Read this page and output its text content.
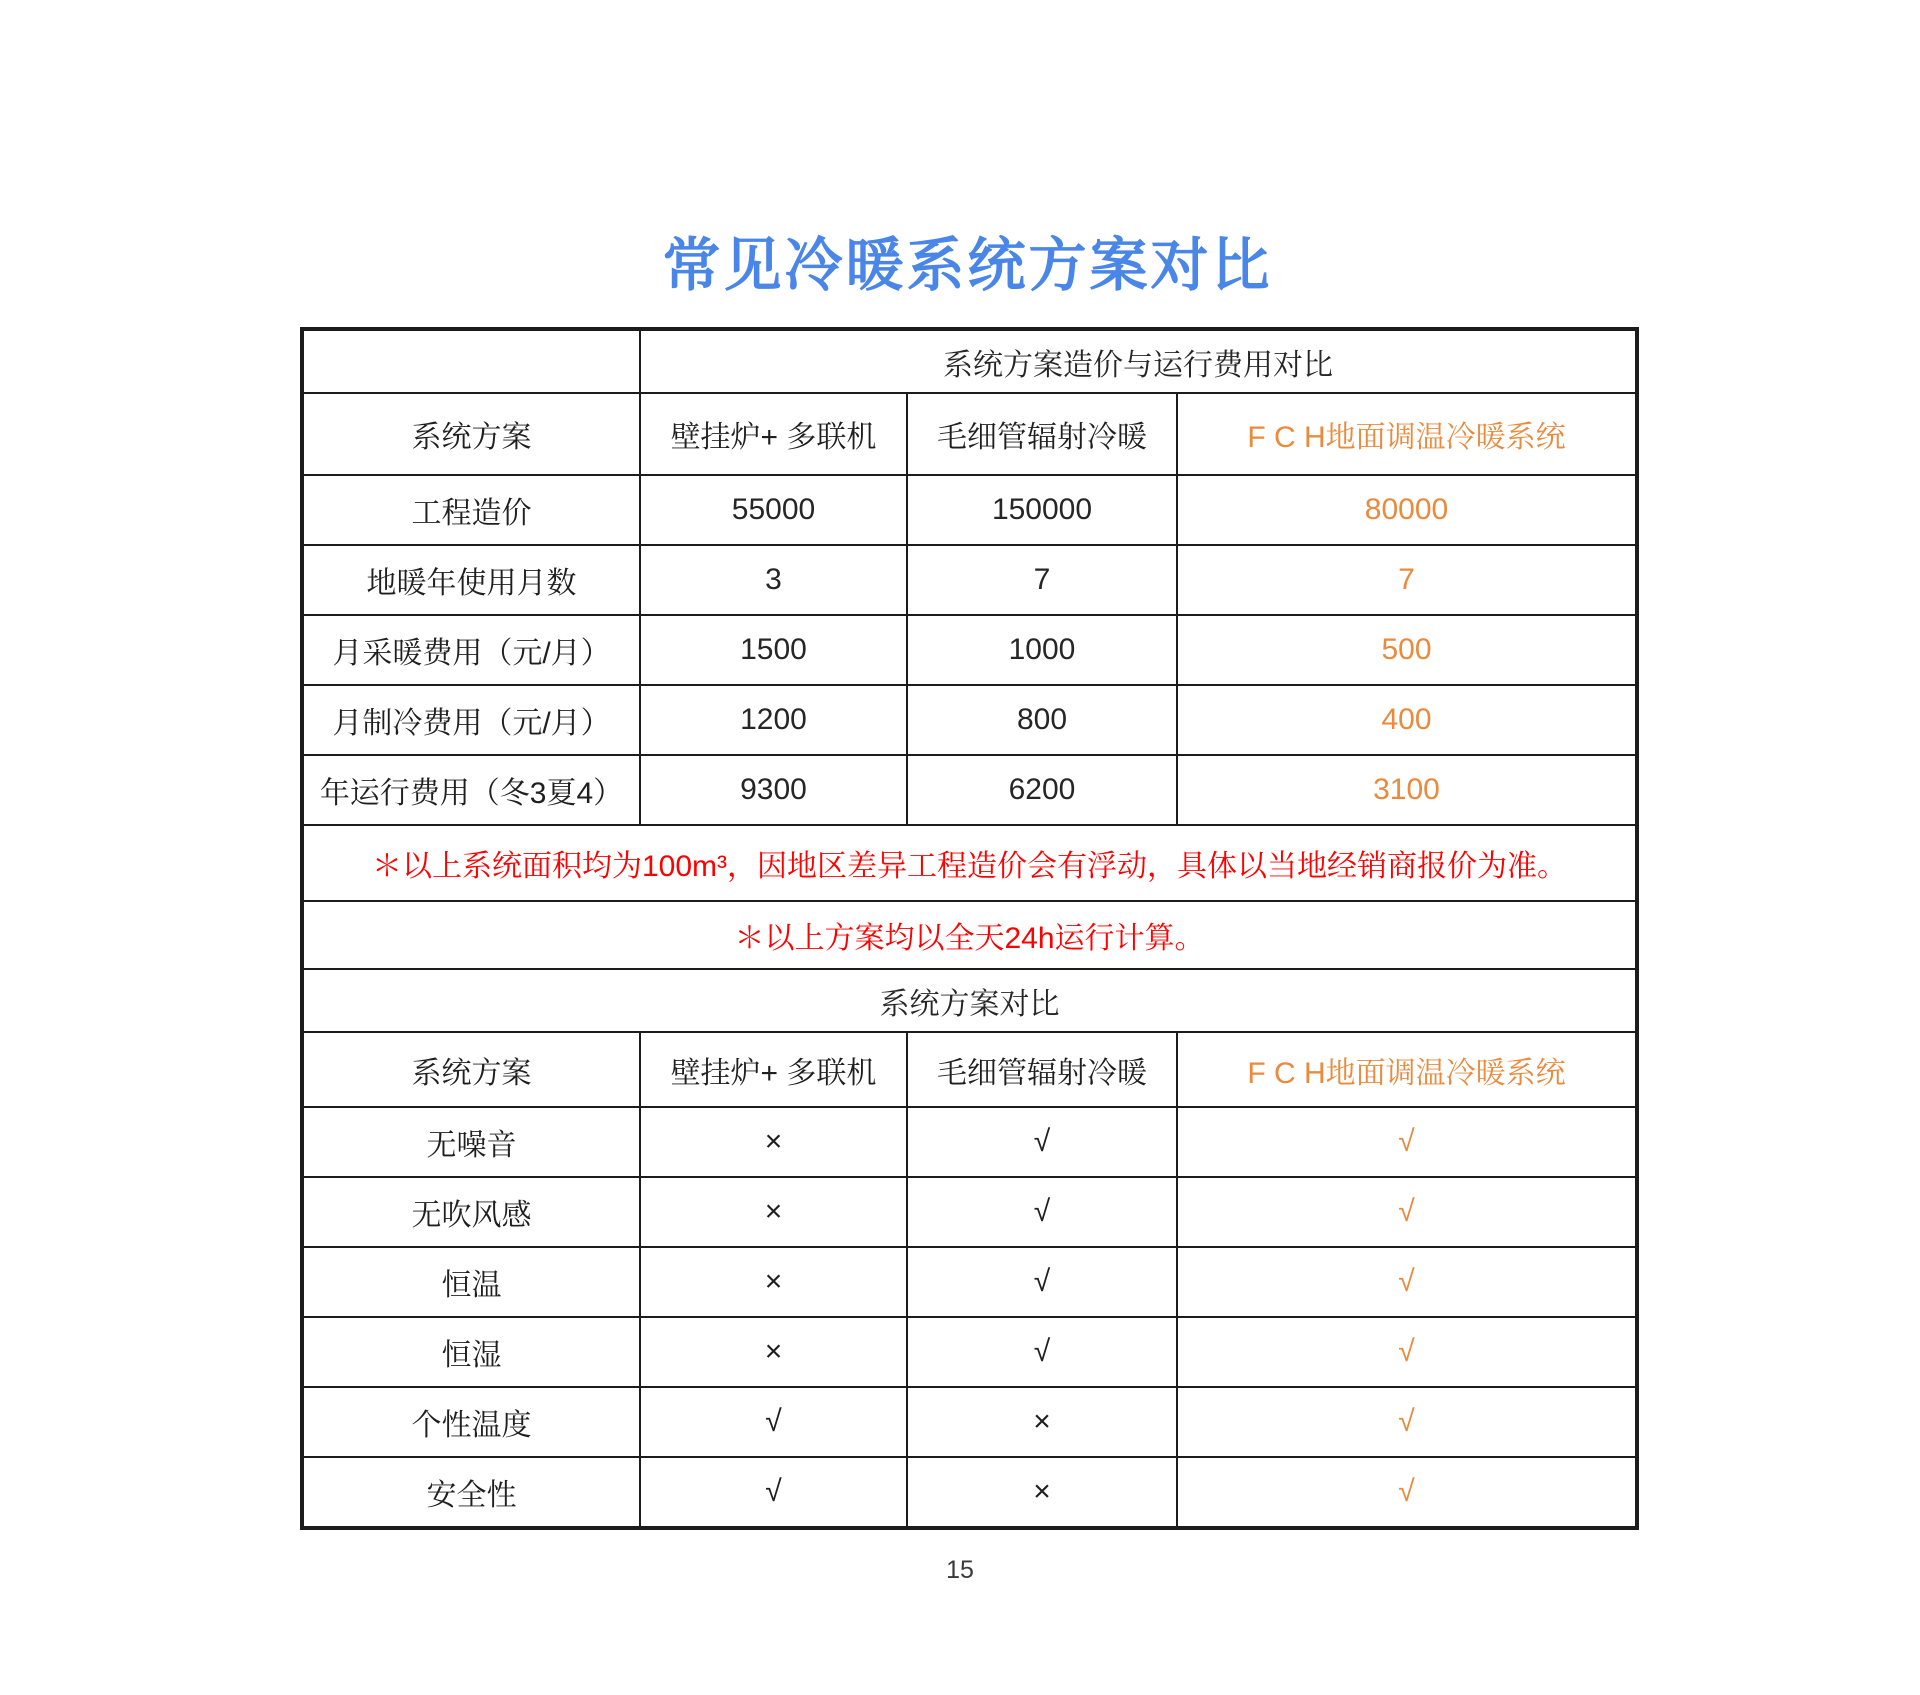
常见冷暖系统方案对比
	系统方案造价与运行费用对比		
系统方案	壁挂炉+ 多联机	毛细管辐射冷暖	F C H地面调温冷暖系统
工程造价	55000	150000	80000
地暖年使用月数	3	7	7
月采暖费用（元/月）	1500	1000	500
月制冷费用（元/月）	1200	800	400
年运行费用（冬3夏4）	9300	6200	3100
＊以上系统面积均为100m³，因地区差异工程造价会有浮动，具体以当地经销商报价为准。			
＊以上方案均以全天24h运行计算。			
系统方案对比			
系统方案	壁挂炉+ 多联机	毛细管辐射冷暖	F C H地面调温冷暖系统
无噪音	×	√	√
无吹风感	×	√	√
恒温	×	√	√
恒湿	×	√	√
个性温度	√	×	√
安全性	√	×	√
15
